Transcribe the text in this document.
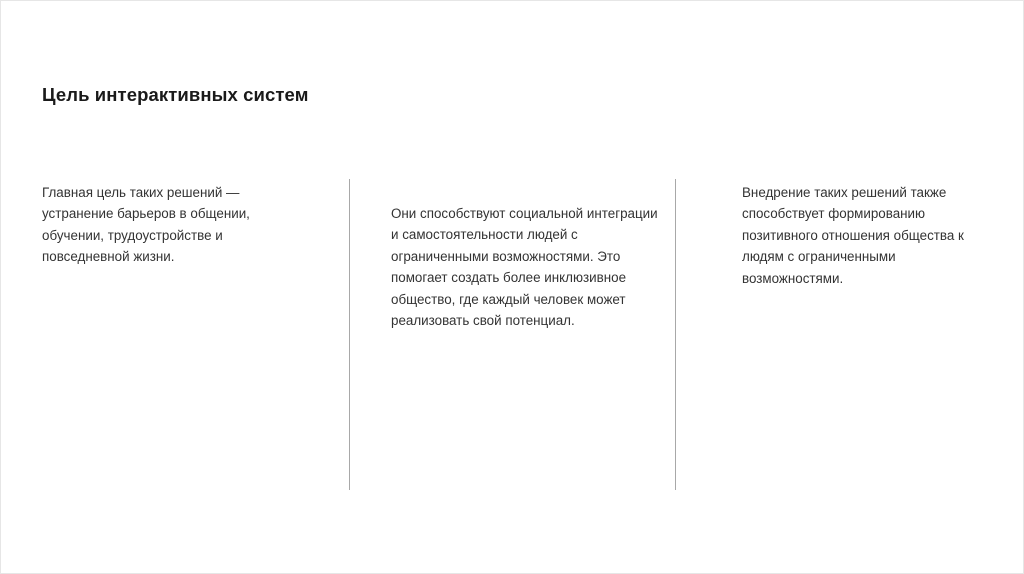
Цель интерактивных систем

Главная цель таких решений — устранение барьеров в общении, обучении, трудоустройстве и повседневной жизни.

Они способствуют социальной интеграции и самостоятельности людей с ограниченными возможностями. Это помогает создать более инклюзивное общество, где каждый человек может реализовать свой потенциал.

Внедрение таких решений также способствует формированию позитивного отношения общества к людям с ограниченными возможностями.
